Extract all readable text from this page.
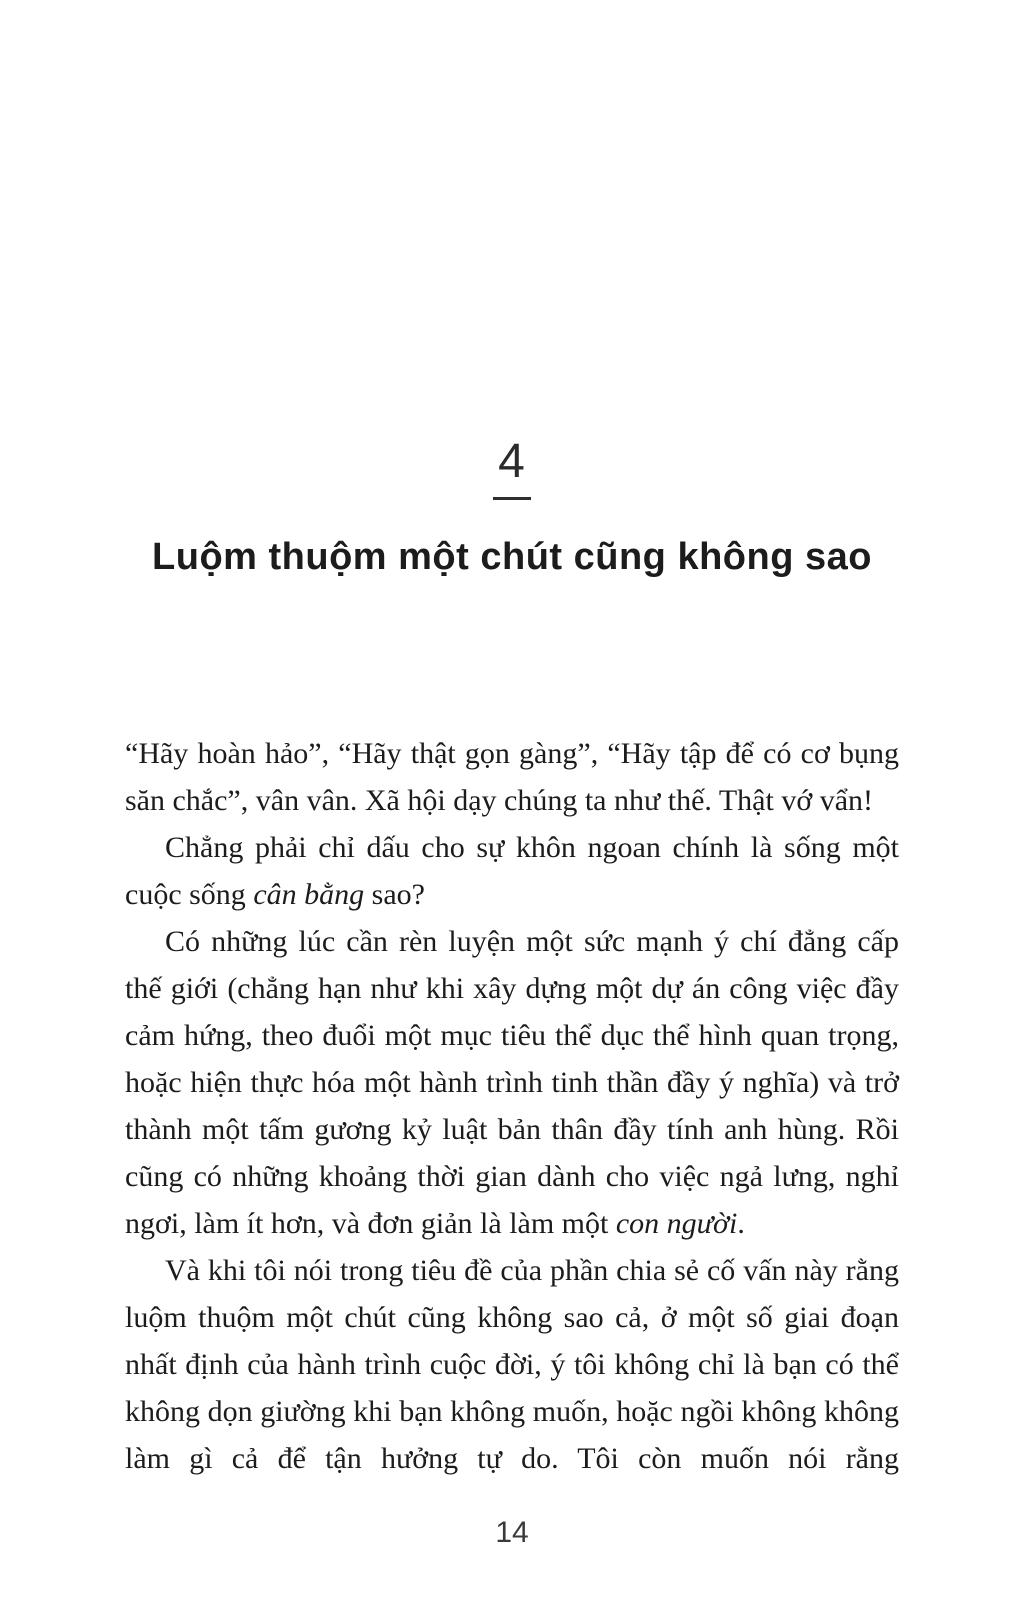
4
Luộm thuộm một chút cũng không sao

“Hãy hoàn hảo”, “Hãy thật gọn gàng”, “Hãy tập để có cơ bụng săn chắc”, vân vân. Xã hội dạy chúng ta như thế. Thật vớ vẩn!

Chẳng phải chỉ dấu cho sự khôn ngoan chính là sống một cuộc sống cân bằng sao?

Có những lúc cần rèn luyện một sức mạnh ý chí đẳng cấp thế giới (chẳng hạn như khi xây dựng một dự án công việc đầy cảm hứng, theo đuổi một mục tiêu thể dục thể hình quan trọng, hoặc hiện thực hóa một hành trình tinh thần đầy ý nghĩa) và trở thành một tấm gương kỷ luật bản thân đầy tính anh hùng. Rồi cũng có những khoảng thời gian dành cho việc ngả lưng, nghỉ ngơi, làm ít hơn, và đơn giản là làm một con người.

Và khi tôi nói trong tiêu đề của phần chia sẻ cố vấn này rằng luộm thuộm một chút cũng không sao cả, ở một số giai đoạn nhất định của hành trình cuộc đời, ý tôi không chỉ là bạn có thể không dọn giường khi bạn không muốn, hoặc ngồi không không làm gì cả để tận hưởng tự do. Tôi còn muốn nói rằng

14
